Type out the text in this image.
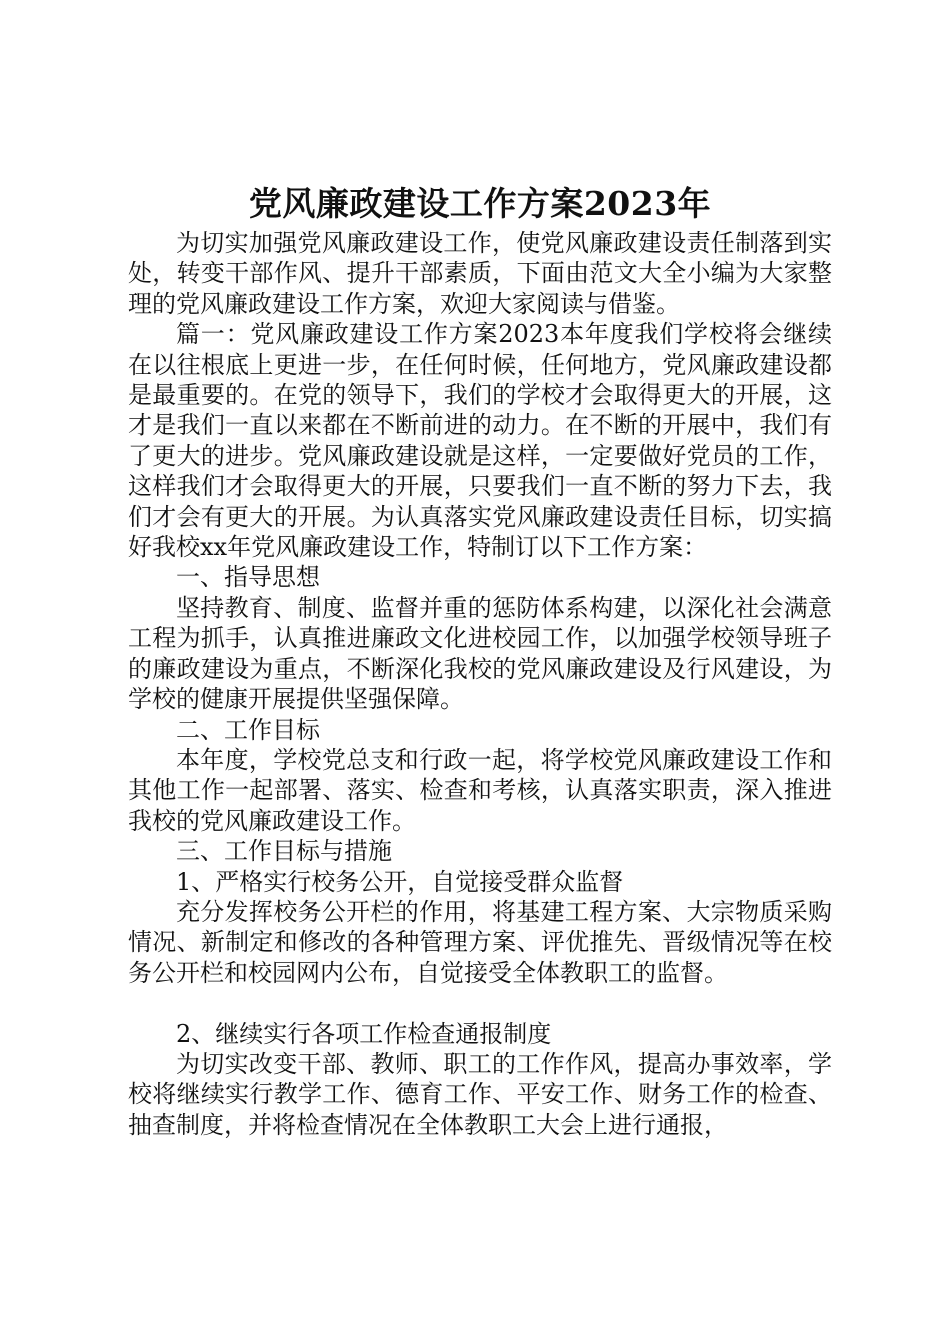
党风廉政建设工作方案2023年

为切实加强党风廉政建设工作，使党风廉政建设责任制落到实处，转变干部作风、提升干部素质，下面由范文大全小编为大家整理的党风廉政建设工作方案，欢迎大家阅读与借鉴。

篇一：党风廉政建设工作方案2023本年度我们学校将会继续在以往根底上更进一步，在任何时候，任何地方，党风廉政建设都是最重要的。在党的领导下，我们的学校才会取得更大的开展，这才是我们一直以来都在不断前进的动力。在不断的开展中，我们有了更大的进步。党风廉政建设就是这样，一定要做好党员的工作，这样我们才会取得更大的开展，只要我们一直不断的努力下去，我们才会有更大的开展。为认真落实党风廉政建设责任目标，切实搞好我校xx年党风廉政建设工作，特制订以下工作方案：

一、指导思想

坚持教育、制度、监督并重的惩防体系构建，以深化社会满意工程为抓手，认真推进廉政文化进校园工作，以加强学校领导班子的廉政建设为重点，不断深化我校的党风廉政建设及行风建设，为学校的健康开展提供坚强保障。

二、工作目标

本年度，学校党总支和行政一起，将学校党风廉政建设工作和其他工作一起部署、落实、检查和考核，认真落实职责，深入推进我校的党风廉政建设工作。

三、工作目标与措施

1、严格实行校务公开，自觉接受群众监督

充分发挥校务公开栏的作用，将基建工程方案、大宗物质采购情况、新制定和修改的各种管理方案、评优推先、晋级情况等在校务公开栏和校园网内公布，自觉接受全体教职工的监督。

2、继续实行各项工作检查通报制度

为切实改变干部、教师、职工的工作作风，提高办事效率，学校将继续实行教学工作、德育工作、平安工作、财务工作的检查、抽查制度，并将检查情况在全体教职工大会上进行通报，
